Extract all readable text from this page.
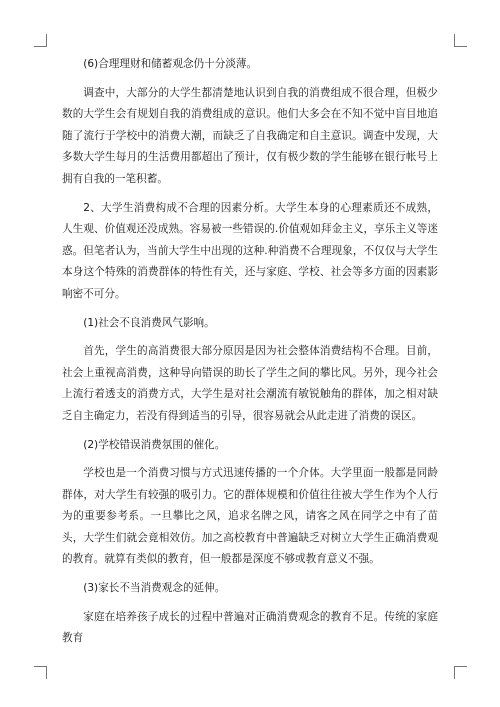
(6)合理理财和储蓄观念仍十分淡薄。

调查中，大部分的大学生都清楚地认识到自我的消费组成不很合理，但极少数的大学生会有规划自我的消费组成的意识。他们大多会在不知不觉中盲目地追随了流行于学校中的消费大潮，而缺乏了自我确定和自主意识。调查中发现，大多数大学生每月的生活费用都超出了预计，仅有极少数的学生能够在银行帐号上拥有自我的一笔积蓄。

2、大学生消费构成不合理的因素分析。大学生本身的心理素质还不成熟，人生观、价值观还没成熟。容易被一些错误的.价值观如拜金主义，享乐主义等迷惑。但笔者认为，当前大学生中出现的这种.种消费不合理现象，不仅仅与大学生本身这个特殊的消费群体的特性有关，还与家庭、学校、社会等多方面的因素影响密不可分。

(1)社会不良消费风气影响。

首先，学生的高消费很大部分原因是因为社会整体消费结构不合理。目前，社会上重视高消费，这种导向错误的助长了学生之间的攀比风。另外，现今社会上流行着透支的消费方式，大学生是对社会潮流有敏锐触角的群体，加之相对缺乏自主确定力，若没有得到适当的引导，很容易就会从此走进了消费的误区。

(2)学校错误消费氛围的催化。

学校也是一个消费习惯与方式迅速传播的一个介体。大学里面一般都是同龄群体，对大学生有较强的吸引力。它的群体规模和价值往往被大学生作为个人行为的重要参考系。一旦攀比之风，追求名牌之风，请客之风在同学之中有了苗头，大学生们就会竟相效仿。加之高校教育中普遍缺乏对树立大学生正确消费观的教育。就算有类似的教育，但一般都是深度不够或教育意义不强。

(3)家长不当消费观念的延伸。

家庭在培养孩子成长的过程中普遍对正确消费观念的教育不足。传统的家庭教育
